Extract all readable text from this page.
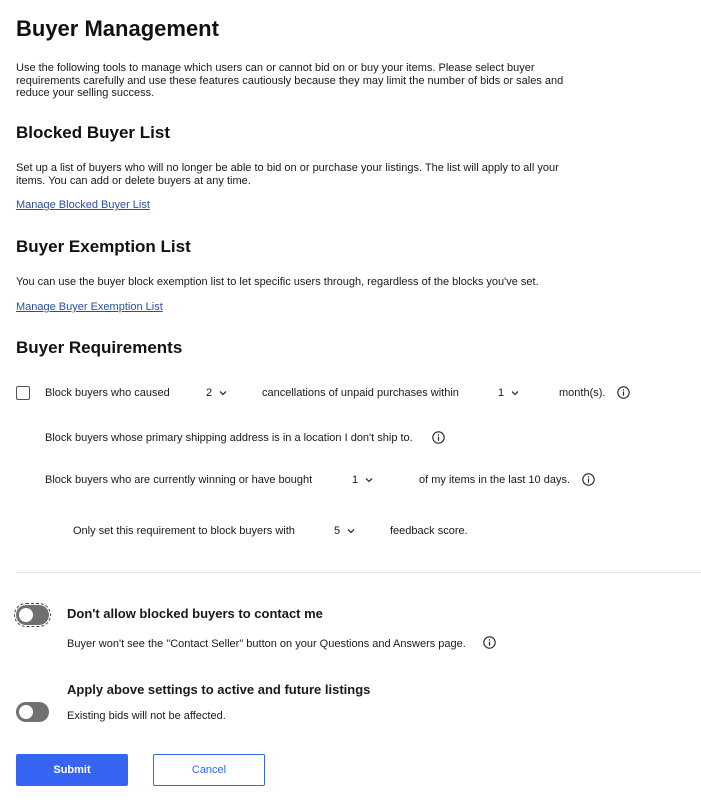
Buyer Management
Use the following tools to manage which users can or cannot bid on or buy your items. Please select buyer requirements carefully and use these features cautiously because they may limit the number of bids or sales and reduce your selling success.
Blocked Buyer List
Set up a list of buyers who will no longer be able to bid on or purchase your listings. The list will apply to all your items. You can add or delete buyers at any time.
Manage Blocked Buyer List
Buyer Exemption List
You can use the buyer block exemption list to let specific users through, regardless of the blocks you've set.
Manage Buyer Exemption List
Buyer Requirements
Block buyers who caused	2	cancellations of unpaid purchases within	1	month(s).
Block buyers whose primary shipping address is in a location I don't ship to.
Block buyers who are currently winning or have bought	1	of my items in the last 10 days.
Only set this requirement to block buyers with	5	feedback score.
Don't allow blocked buyers to contact me
Buyer won't see the "Contact Seller" button on your Questions and Answers page.
Apply above settings to active and future listings
Existing bids will not be affected.
Submit	Cancel
